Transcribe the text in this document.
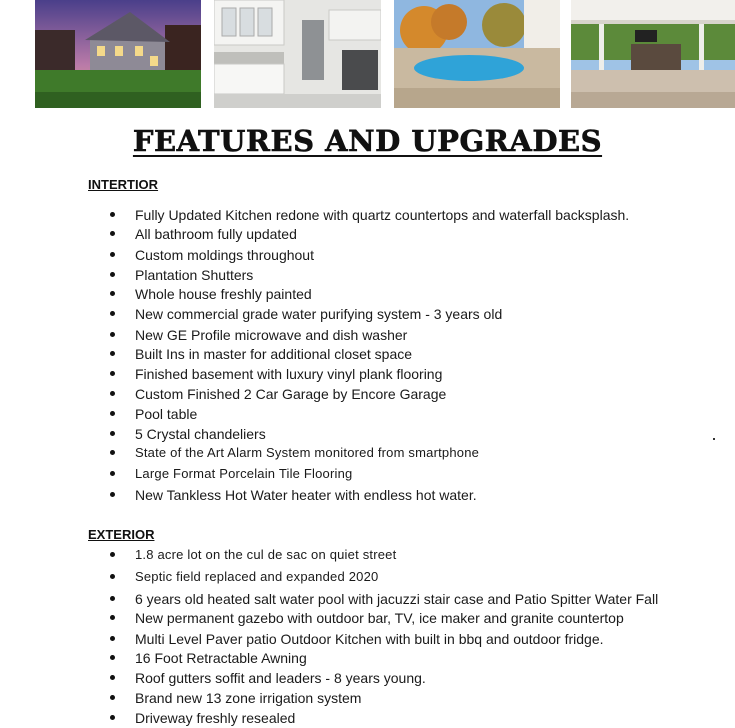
FEATURES AND UPGRADES
INTERTIOR
Fully Updated Kitchen redone with quartz countertops and waterfall backsplash.
All bathroom fully updated
Custom moldings throughout
Plantation Shutters
Whole house freshly painted
New commercial grade water purifying system - 3 years old
New GE Profile microwave and dish washer
Built Ins in master for additional closet space
Finished basement with luxury vinyl plank flooring
Custom Finished 2 Car Garage by Encore Garage
Pool table
5 Crystal chandeliers
State of the Art Alarm System monitored from smartphone
Large Format Porcelain Tile Flooring
New Tankless Hot Water heater with endless hot water.
EXTERIOR
1.8 acre lot on the cul de sac on quiet street
Septic field replaced and expanded 2020
6 years old heated salt water pool with jacuzzi stair case and Patio Spitter Water Fall
New permanent gazebo with outdoor bar, TV, ice maker and granite countertop
Multi Level Paver patio Outdoor Kitchen with built in bbq and outdoor fridge.
16 Foot Retractable Awning
Roof gutters soffit and leaders - 8 years young.
Brand new 13 zone irrigation system
Driveway freshly resealed
